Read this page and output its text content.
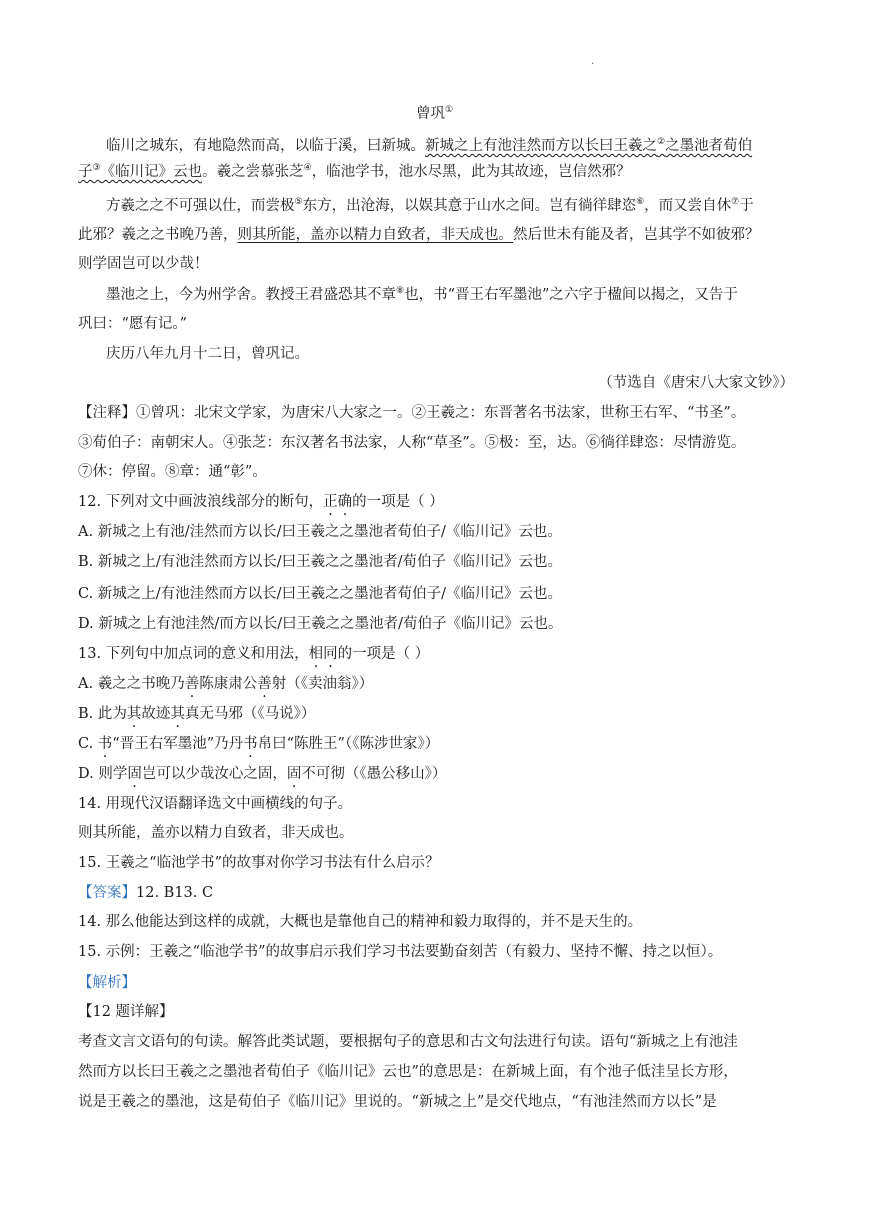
.
曾巩①
临川之城东，有地隐然而高，以临于溪，曰新城。新城之上有池洼然而方以长曰王羲之②之墨池者荀伯
子③《临川记》云也。羲之尝慕张芝④，临池学书，池水尽黑，此为其故迹，岂信然邪？
方羲之之不可强以仕，而尝极⑤东方，出沧海，以娱其意于山水之间。岂有徜徉肆恣⑥，而又尝自休⑦于
此邪？羲之之书晚乃善，则其所能，盖亦以精力自致者，非天成也。然后世未有能及者，岂其学不如彼邪？
则学固岂可以少哉！
墨池之上，今为州学舍。教授王君盛恐其不章⑧也，书“晋王右军墨池”之六字于楹间以揭之，又告于
巩曰：“愿有记。”
庆历八年九月十二日，曾巩记。
（节选自《唐宋八大家文钞》）
【注释】①曾巩：北宋文学家，为唐宋八大家之一。②王羲之：东晋著名书法家，世称王右军、“书圣”。
③荀伯子：南朝宋人。④张芝：东汉著名书法家，人称“草圣”。⑤极：至，达。⑥徜徉肆恣：尽情游览。
⑦休：停留。⑧章：通“彰”。
12. 下列对文中画波浪线部分的断句，正确的一项是（ ）
A. 新城之上有池/洼然而方以长/曰王羲之之墨池者荀伯子/《临川记》云也。
B. 新城之上/有池洼然而方以长/曰王羲之之墨池者/荀伯子《临川记》云也。
C. 新城之上/有池洼然而方以长/曰王羲之之墨池者荀伯子/《临川记》云也。
D. 新城之上有池洼然/而方以长/曰王羲之之墨池者/荀伯子《临川记》云也。
13. 下列句中加点词的意义和用法，相同的一项是（ ）
A. 羲之之书晚乃善陈康肃公善射（《卖油翁》）
B. 此为其故迹其真无马邪（《马说》）
C. 书“晋王右军墨池”乃丹书帛曰“陈胜王”（《陈涉世家》）
D. 则学固岂可以少哉汝心之固，固不可彻（《愚公移山》）
14. 用现代汉语翻译选文中画横线的句子。
则其所能，盖亦以精力自致者，非天成也。
15. 王羲之“临池学书”的故事对你学习书法有什么启示？
【答案】12. B13. C
14. 那么他能达到这样的成就，大概也是靠他自己的精神和毅力取得的，并不是天生的。
15. 示例：王羲之“临池学书”的故事启示我们学习书法要勤奋刻苦（有毅力、坚持不懈、持之以恒）。
【解析】
【12 题详解】
考查文言文语句的句读。解答此类试题，要根据句子的意思和古文句法进行句读。语句“新城之上有池洼
然而方以长曰王羲之之墨池者荀伯子《临川记》云也”的意思是：在新城上面，有个池子低洼呈长方形，
说是王羲之的墨池，这是荀伯子《临川记》里说的。“新城之上”是交代地点，“有池洼然而方以长”是
